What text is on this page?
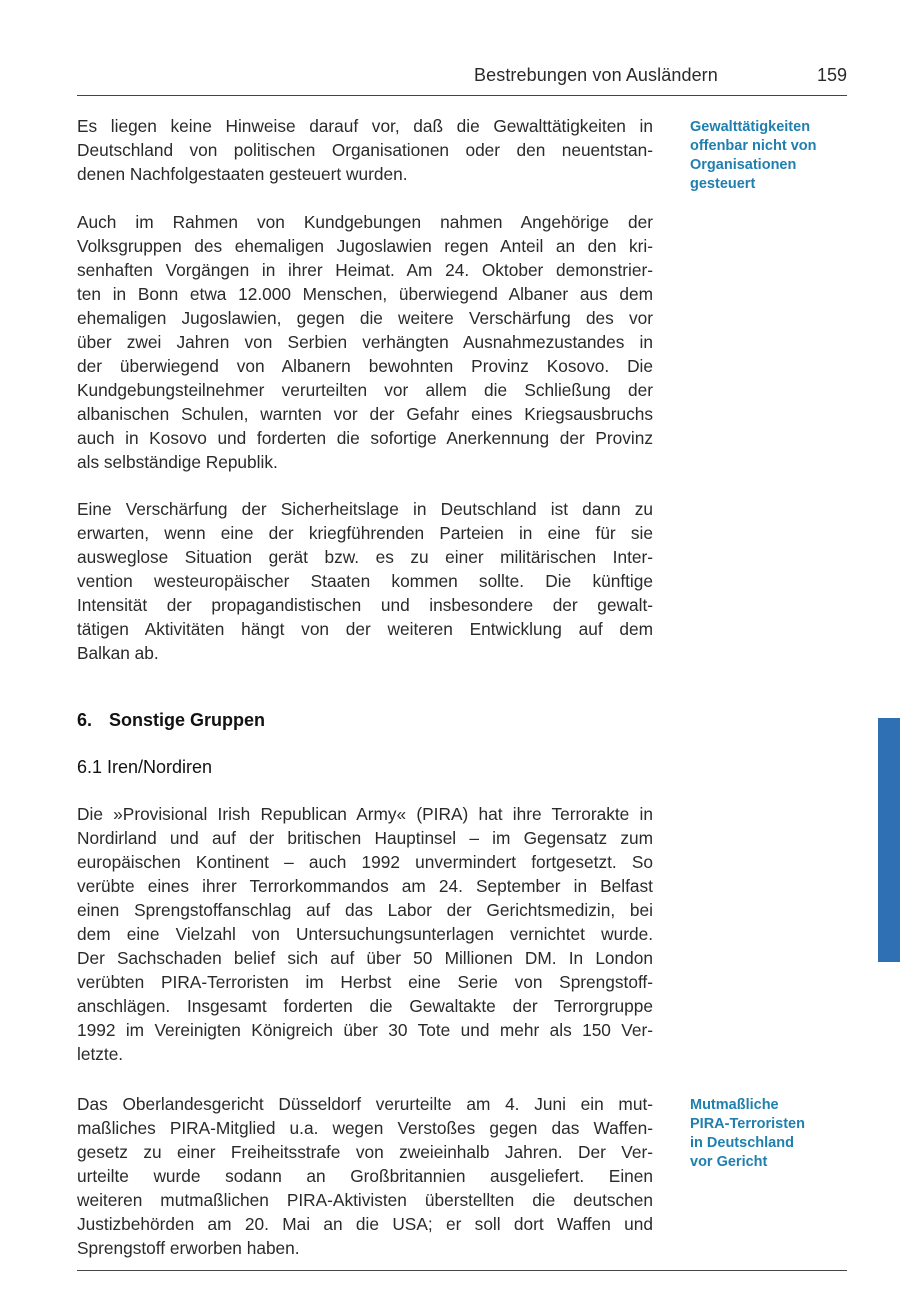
Bestrebungen von Ausländern	159

Es liegen keine Hinweise darauf vor, daß die Gewalttätigkeiten in
Deutschland von politischen Organisationen oder den neuentstan-
denen Nachfolgestaaten gesteuert wurden.

Gewalttätigkeiten
offenbar nicht von
Organisationen
gesteuert

Auch im Rahmen von Kundgebungen nahmen Angehörige der
Volksgruppen des ehemaligen Jugoslawien regen Anteil an den kri-
senhaften Vorgängen in ihrer Heimat. Am 24. Oktober demonstrier-
ten in Bonn etwa 12.000 Menschen, überwiegend Albaner aus dem
ehemaligen Jugoslawien, gegen die weitere Verschärfung des vor
über zwei Jahren von Serbien verhängten Ausnahmezustandes in
der überwiegend von Albanern bewohnten Provinz Kosovo. Die
Kundgebungsteilnehmer verurteilten vor allem die Schließung der
albanischen Schulen, warnten vor der Gefahr eines Kriegsausbruchs
auch in Kosovo und forderten die sofortige Anerkennung der Provinz
als selbständige Republik.

Eine Verschärfung der Sicherheitslage in Deutschland ist dann zu
erwarten, wenn eine der kriegführenden Parteien in eine für sie
ausweglose Situation gerät bzw. es zu einer militärischen Inter-
vention westeuropäischer Staaten kommen sollte. Die künftige
Intensität der propagandistischen und insbesondere der gewalt-
tätigen Aktivitäten hängt von der weiteren Entwicklung auf dem
Balkan ab.

6. Sonstige Gruppen
6.1 Iren/Nordiren

Die »Provisional Irish Republican Army« (PIRA) hat ihre Terrorakte in
Nordirland und auf der britischen Hauptinsel – im Gegensatz zum
europäischen Kontinent – auch 1992 unvermindert fortgesetzt. So
verübte eines ihrer Terrorkommandos am 24. September in Belfast
einen Sprengstoffanschlag auf das Labor der Gerichtsmedizin, bei
dem eine Vielzahl von Untersuchungsunterlagen vernichtet wurde.
Der Sachschaden belief sich auf über 50 Millionen DM. In London
verübten PIRA-Terroristen im Herbst eine Serie von Sprengstoff-
anschlägen. Insgesamt forderten die Gewaltakte der Terrorgruppe
1992 im Vereinigten Königreich über 30 Tote und mehr als 150 Ver-
letzte.

Das Oberlandesgericht Düsseldorf verurteilte am 4. Juni ein mut-
maßliches PIRA-Mitglied u.a. wegen Verstoßes gegen das Waffen-
gesetz zu einer Freiheitsstrafe von zweieinhalb Jahren. Der Ver-
urteilte wurde sodann an Großbritannien ausgeliefert. Einen
weiteren mutmaßlichen PIRA-Aktivisten überstellten die deutschen
Justizbehörden am 20. Mai an die USA; er soll dort Waffen und
Sprengstoff erworben haben.

Mutmaßliche
PIRA-Terroristen
in Deutschland
vor Gericht
